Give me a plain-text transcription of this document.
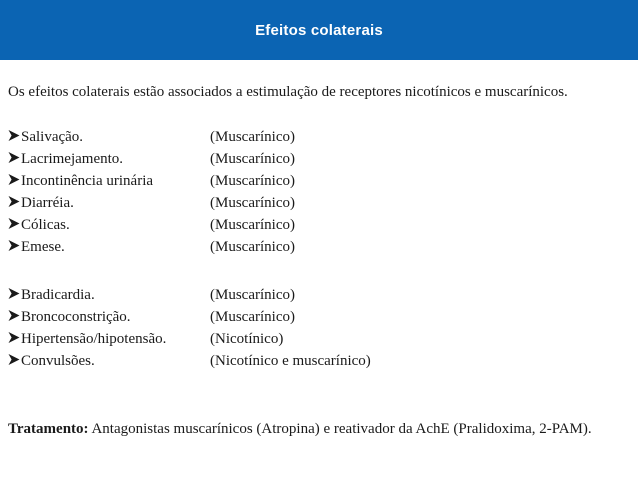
Efeitos colaterais

Os efeitos colaterais estão associados a estimulação de receptores nicotínicos e muscarínicos.

Salivação.	(Muscarínico)
Lacrimejamento.	(Muscarínico)
Incontinência urinária	(Muscarínico)
Diarréia.	(Muscarínico)
Cólicas.	(Muscarínico)
Emese.	(Muscarínico)
Bradicardia.	(Muscarínico)
Broncoconstrição.	(Muscarínico)
Hipertensão/hipotensão.	(Nicotínico)
Convulsões.	(Nicotínico e muscarínico)

Tratamento: Antagonistas muscarínicos (Atropina) e reativador da AchE (Pralidoxima, 2-PAM).
